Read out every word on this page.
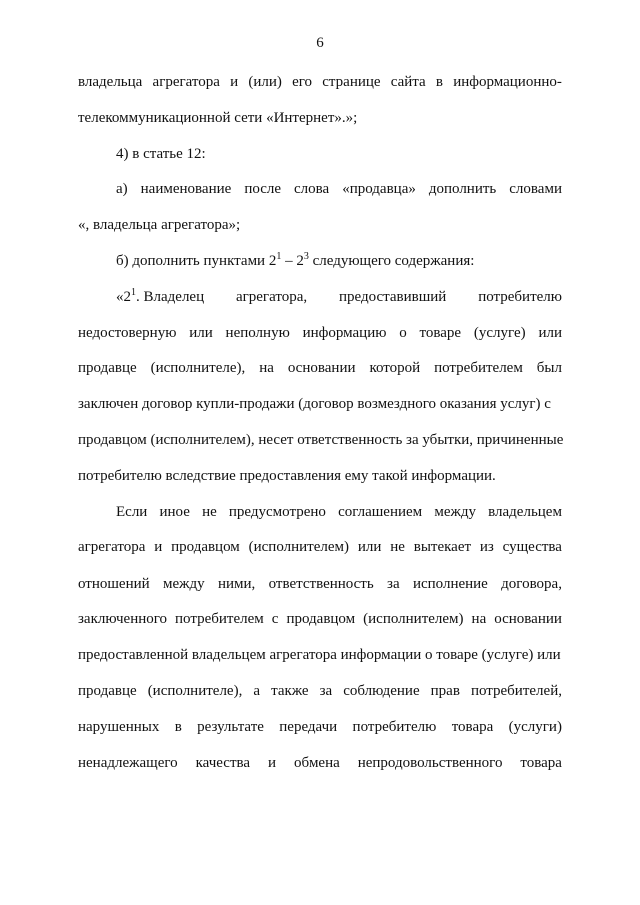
6
владельца агрегатора и (или) его странице сайта в информационно-
телекоммуникационной сети «Интернет».»;
4) в статье 12:
а) наименование после слова «продавца» дополнить словами
«, владельца агрегатора»;
б) дополнить пунктами $2^1 - 2^3$ следующего содержания:
«$2^1$. Владелец агрегатора, предоставивший потребителю
недостоверную или неполную информацию о товаре (услуге) или
продавце (исполнителе), на основании которой потребителем был
заключен договор купли-продажи (договор возмездного оказания услуг) с
продавцом (исполнителем), несет ответственность за убытки, причиненные
потребителю вследствие предоставления ему такой информации.
Если иное не предусмотрено соглашением между владельцем
агрегатора и продавцом (исполнителем) или не вытекает из существа
отношений между ними, ответственность за исполнение договора,
заключенного потребителем с продавцом (исполнителем) на основании
предоставленной владельцем агрегатора информации о товаре (услуге) или
продавце (исполнителе), а также за соблюдение прав потребителей,
нарушенных в результате передачи потребителю товара (услуги)
ненадлежащего качества и обмена непродовольственного товара
